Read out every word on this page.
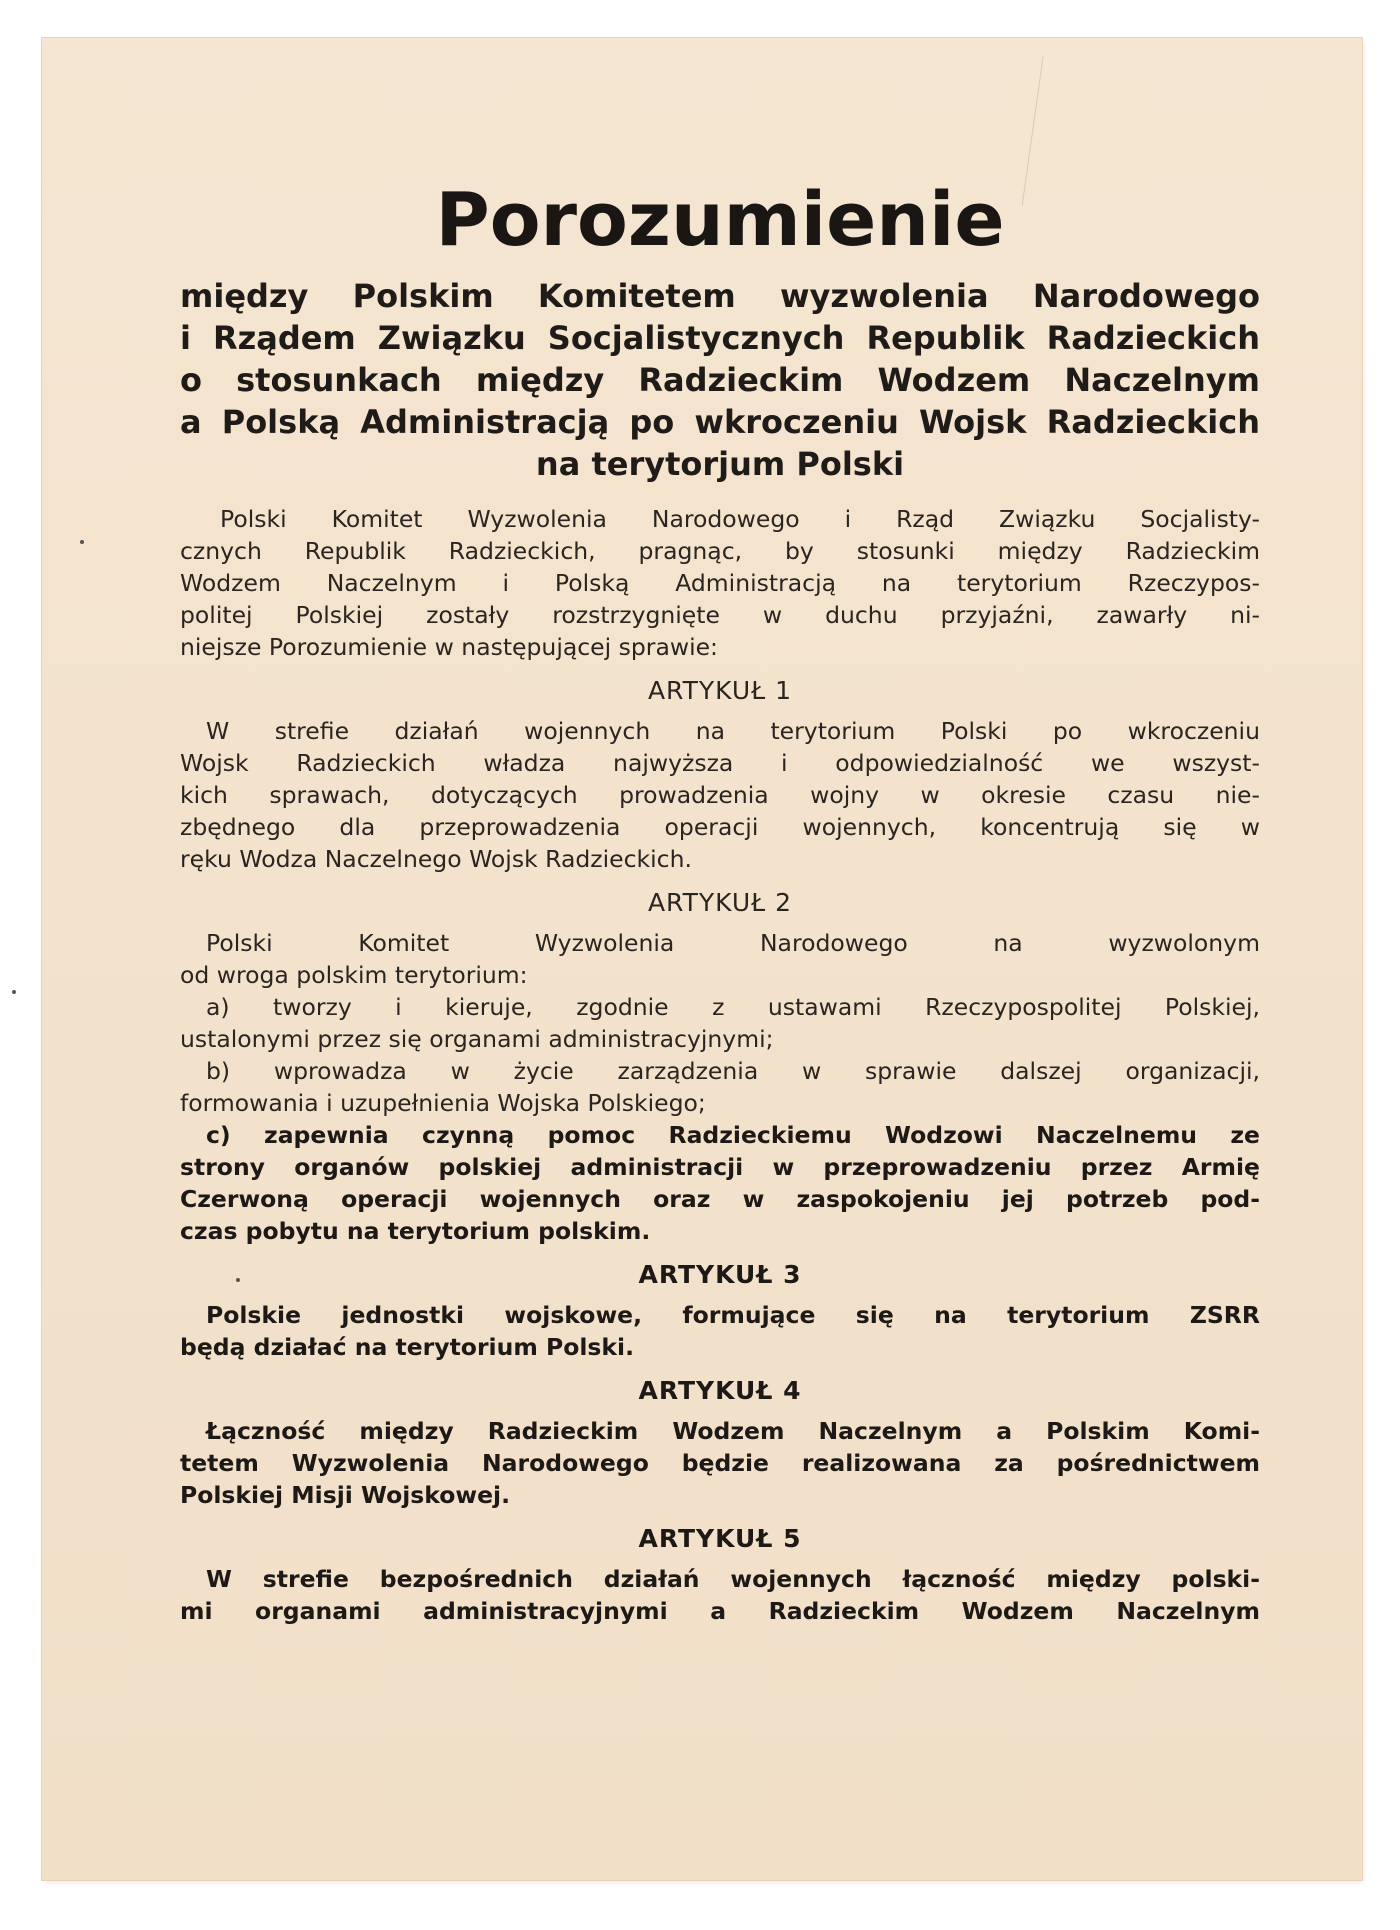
Porozumienie
między Polskim Komitetem wyzwolenia Narodowego
i Rządem Związku Socjalistycznych Republik Radzieckich
o stosunkach między Radzieckim Wodzem Naczelnym
a Polską Administracją po wkroczeniu Wojsk Radzieckich
na terytorjum Polski
Polski Komitet Wyzwolenia Narodowego i Rząd Związku Socjalisty-
cznych Republik Radzieckich, pragnąc, by stosunki między Radzieckim
Wodzem Naczelnym i Polską Administracją na terytorium Rzeczypos-
politej Polskiej zostały rozstrzygnięte w duchu przyjaźni, zawarły ni-
niejsze Porozumienie w następującej sprawie:
ARTYKUŁ 1
W strefie działań wojennych na terytorium Polski po wkroczeniu
Wojsk Radzieckich władza najwyższa i odpowiedzialność we wszyst-
kich sprawach, dotyczących prowadzenia wojny w okresie czasu nie-
zbędnego dla przeprowadzenia operacji wojennych, koncentrują się w
ręku Wodza Naczelnego Wojsk Radzieckich.
ARTYKUŁ 2
Polski Komitet Wyzwolenia Narodowego na wyzwolonym
od wroga polskim terytorium:
a) tworzy i kieruje, zgodnie z ustawami Rzeczypospolitej Polskiej,
ustalonymi przez się organami administracyjnymi;
b) wprowadza w życie zarządzenia w sprawie dalszej organizacji,
formowania i uzupełnienia Wojska Polskiego;
c) zapewnia czynną pomoc Radzieckiemu Wodzowi Naczelnemu ze
strony organów polskiej administracji w przeprowadzeniu przez Armię
Czerwoną operacji wojennych oraz w zaspokojeniu jej potrzeb pod-
czas pobytu na terytorium polskim.
ARTYKUŁ 3
Polskie jednostki wojskowe, formujące się na terytorium ZSRR
będą działać na terytorium Polski.
ARTYKUŁ 4
Łączność między Radzieckim Wodzem Naczelnym a Polskim Komi-
tetem Wyzwolenia Narodowego będzie realizowana za pośrednictwem
Polskiej Misji Wojskowej.
ARTYKUŁ 5
W strefie bezpośrednich działań wojennych łączność między polski-
mi organami administracyjnymi a Radzieckim Wodzem Naczelnym
